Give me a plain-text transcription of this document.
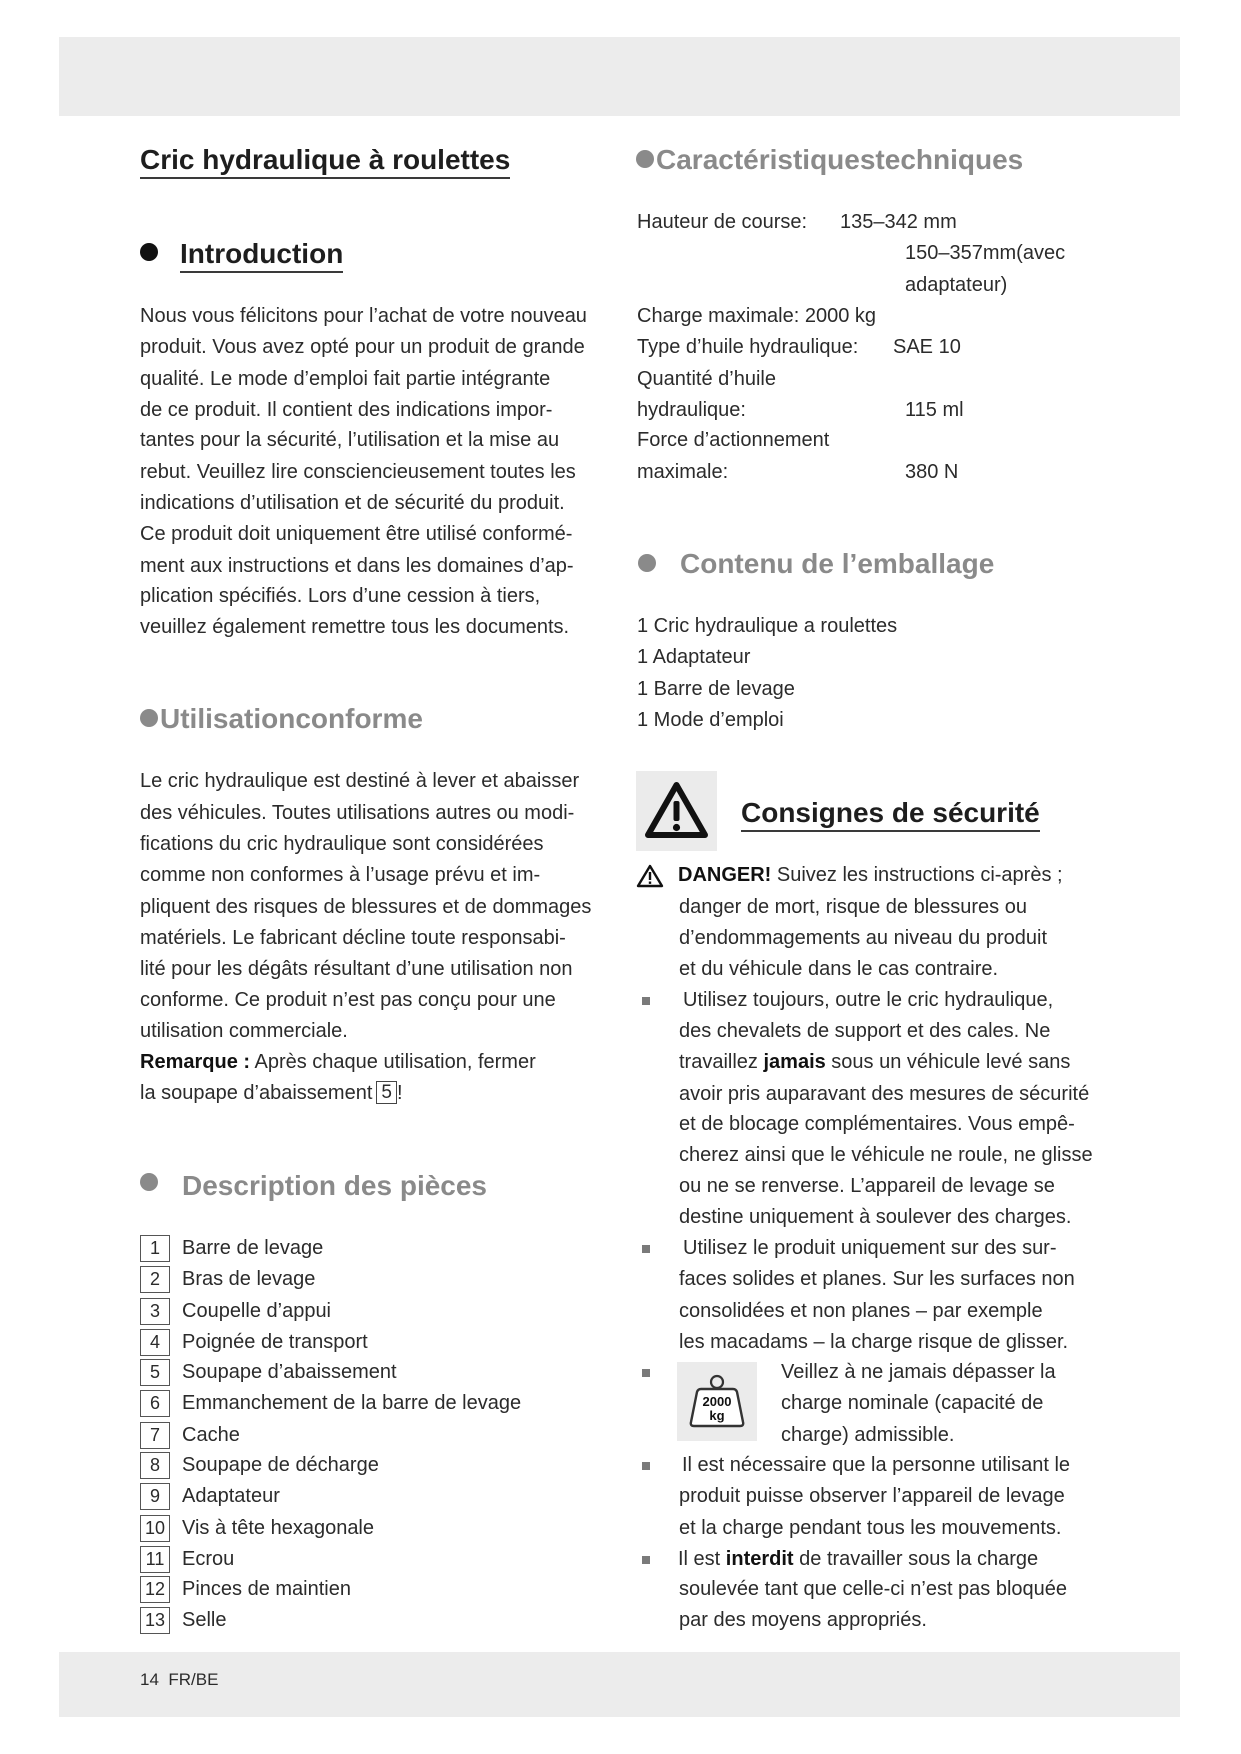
Cric hydraulique à roulettes
Introduction
Nous vous félicitons pour l’achat de votre nouveau
produit. Vous avez opté pour un produit de grande
qualité. Le mode d’emploi fait partie intégrante
de ce produit. Il contient des indications impor-
tantes pour la sécurité, l’utilisation et la mise au
rebut. Veuillez lire consciencieusement toutes les
indications d’utilisation et de sécurité du produit.
Ce produit doit uniquement être utilisé conformé-
ment aux instructions et dans les domaines d’ap-
plication spécifiés. Lors d’une cession à tiers,
veuillez également remettre tous les documents.
Utilisationconforme
Le cric hydraulique est destiné à lever et abaisser
des véhicules. Toutes utilisations autres ou modi-
fications du cric hydraulique sont considérées
comme non conformes à l’usage prévu et im-
pliquent des risques de blessures et de dommages
matériels. Le fabricant décline toute responsabi-
lité pour les dégâts résultant d’une utilisation non
conforme. Ce produit n’est pas conçu pour une
utilisation commerciale.
Remarque : Après chaque utilisation, fermer
la soupape d’abaissement 5 !
Description des pièces
1	Barre de levage
2	Bras de levage
3	Coupelle d’appui
4	Poignée de transport
5	Soupape d’abaissement
6	Emmanchement de la barre de levage
7	Cache
8	Soupape de décharge
9	Adaptateur
10 Vis à tête hexagonale
11 Ecrou
12 Pinces de maintien
13 Selle
Caractéristiquestechniques
Hauteur de course: 135–342 mm
150–357mm(avec
adaptateur)
Charge maximale: 2000 kg
Type d’huile hydraulique: SAE 10
Quantité d’huile
hydraulique:	115 ml
Force d’actionnement
maximale:	380 N
Contenu de l’emballage
1 Cric hydraulique a roulettes
1 Adaptateur
1 Barre de levage
1 Mode d’emploi
Consignes de sécurité
DANGER! Suivez les instructions ci-après ;
danger de mort, risque de blessures ou
d’endommagements au niveau du produit
et du véhicule dans le cas contraire.
Utilisez toujours, outre le cric hydraulique,
des chevalets de support et des cales. Ne
travaillez jamais sous un véhicule levé sans
avoir pris auparavant des mesures de sécurité
et de blocage complémentaires. Vous empê-
cherez ainsi que le véhicule ne roule, ne glisse
ou ne se renverse. L’appareil de levage se
destine uniquement à soulever des charges.
Utilisez le produit uniquement sur des sur-
faces solides et planes. Sur les surfaces non
consolidées et non planes – par exemple
les macadams – la charge risque de glisser.
2000
kg
Veillez à ne jamais dépasser la
charge nominale (capacité de
charge) admissible.
Il est nécessaire que la personne utilisant le
produit puisse observer l’appareil de levage
et la charge pendant tous les mouvements.
Il est interdit de travailler sous la charge
soulevée tant que celle-ci n’est pas bloquée
par des moyens appropriés.
14 FR/BE
